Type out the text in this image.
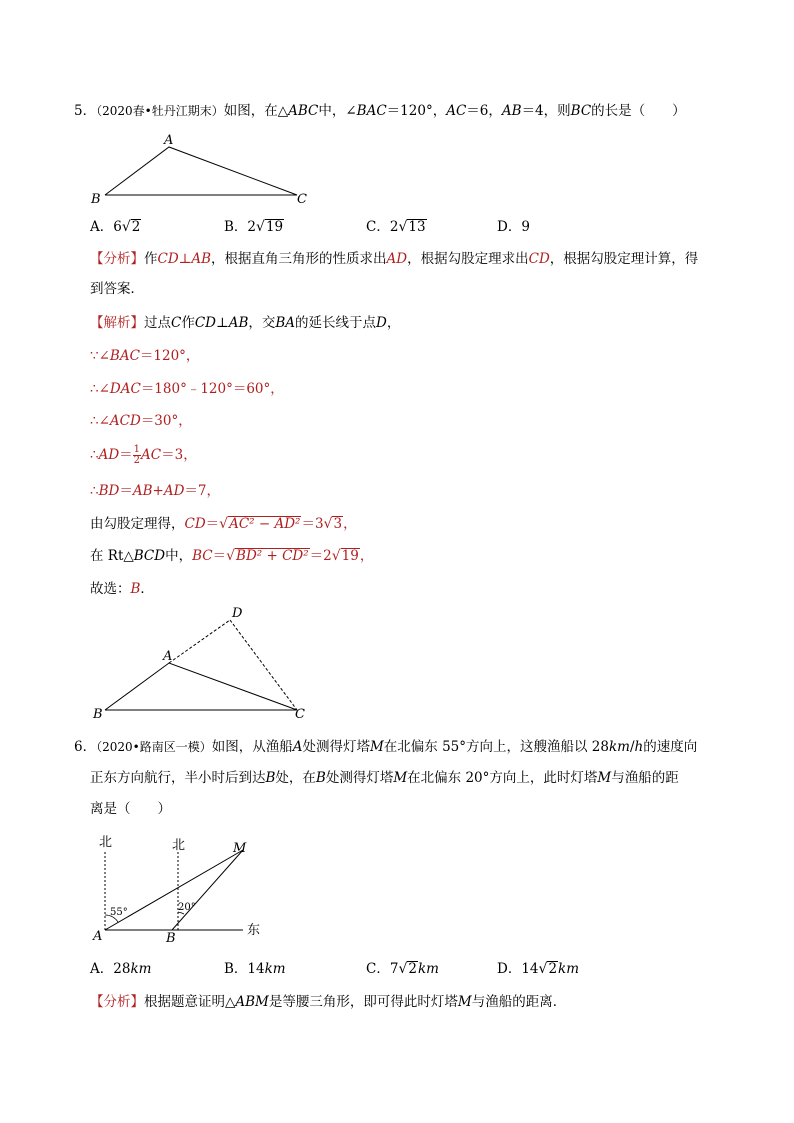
5．（2020春•牡丹江期末）如图，在△ABC中，∠BAC＝120°，AC＝6，AB＝4，则BC的长是（　　）
A
B	C
A．6√2	B．2√19	C．2√13	D．9
【分析】作CD⊥AB，根据直角三角形的性质求出AD，根据勾股定理求出CD，根据勾股定理计算，得
到答案．
【解析】过点C作CD⊥AB，交BA的延长线于点D，
∵∠BAC＝120°，
∴∠DAC＝180°﹣120°＝60°，
∴∠ACD＝30°，
∴AD＝ $\frac{1}{2} AC=3$，
∴BD＝AB+AD＝7，
由勾股定理得，CD＝√AC² − AD²＝3√3，
在 Rt△BCD中，BC＝√BD² + CD²＝2√19，
故选：B．
A
B	C
D
6．（2020•路南区一模）如图，从渔船A处测得灯塔M在北偏东 55°方向上，这艘渔船以 28km/h的速度向
正东方向航行，半小时后到达B处，在B处测得灯塔M在北偏东 20°方向上，此时灯塔M与渔船的距
离是（　　）
北	北
东
A	B
M
55°	20°
A．28km	B．14km	C．7√2km	D．14√2km
【分析】根据题意证明△ABM是等腰三角形，即可得此时灯塔M与渔船的距离．
